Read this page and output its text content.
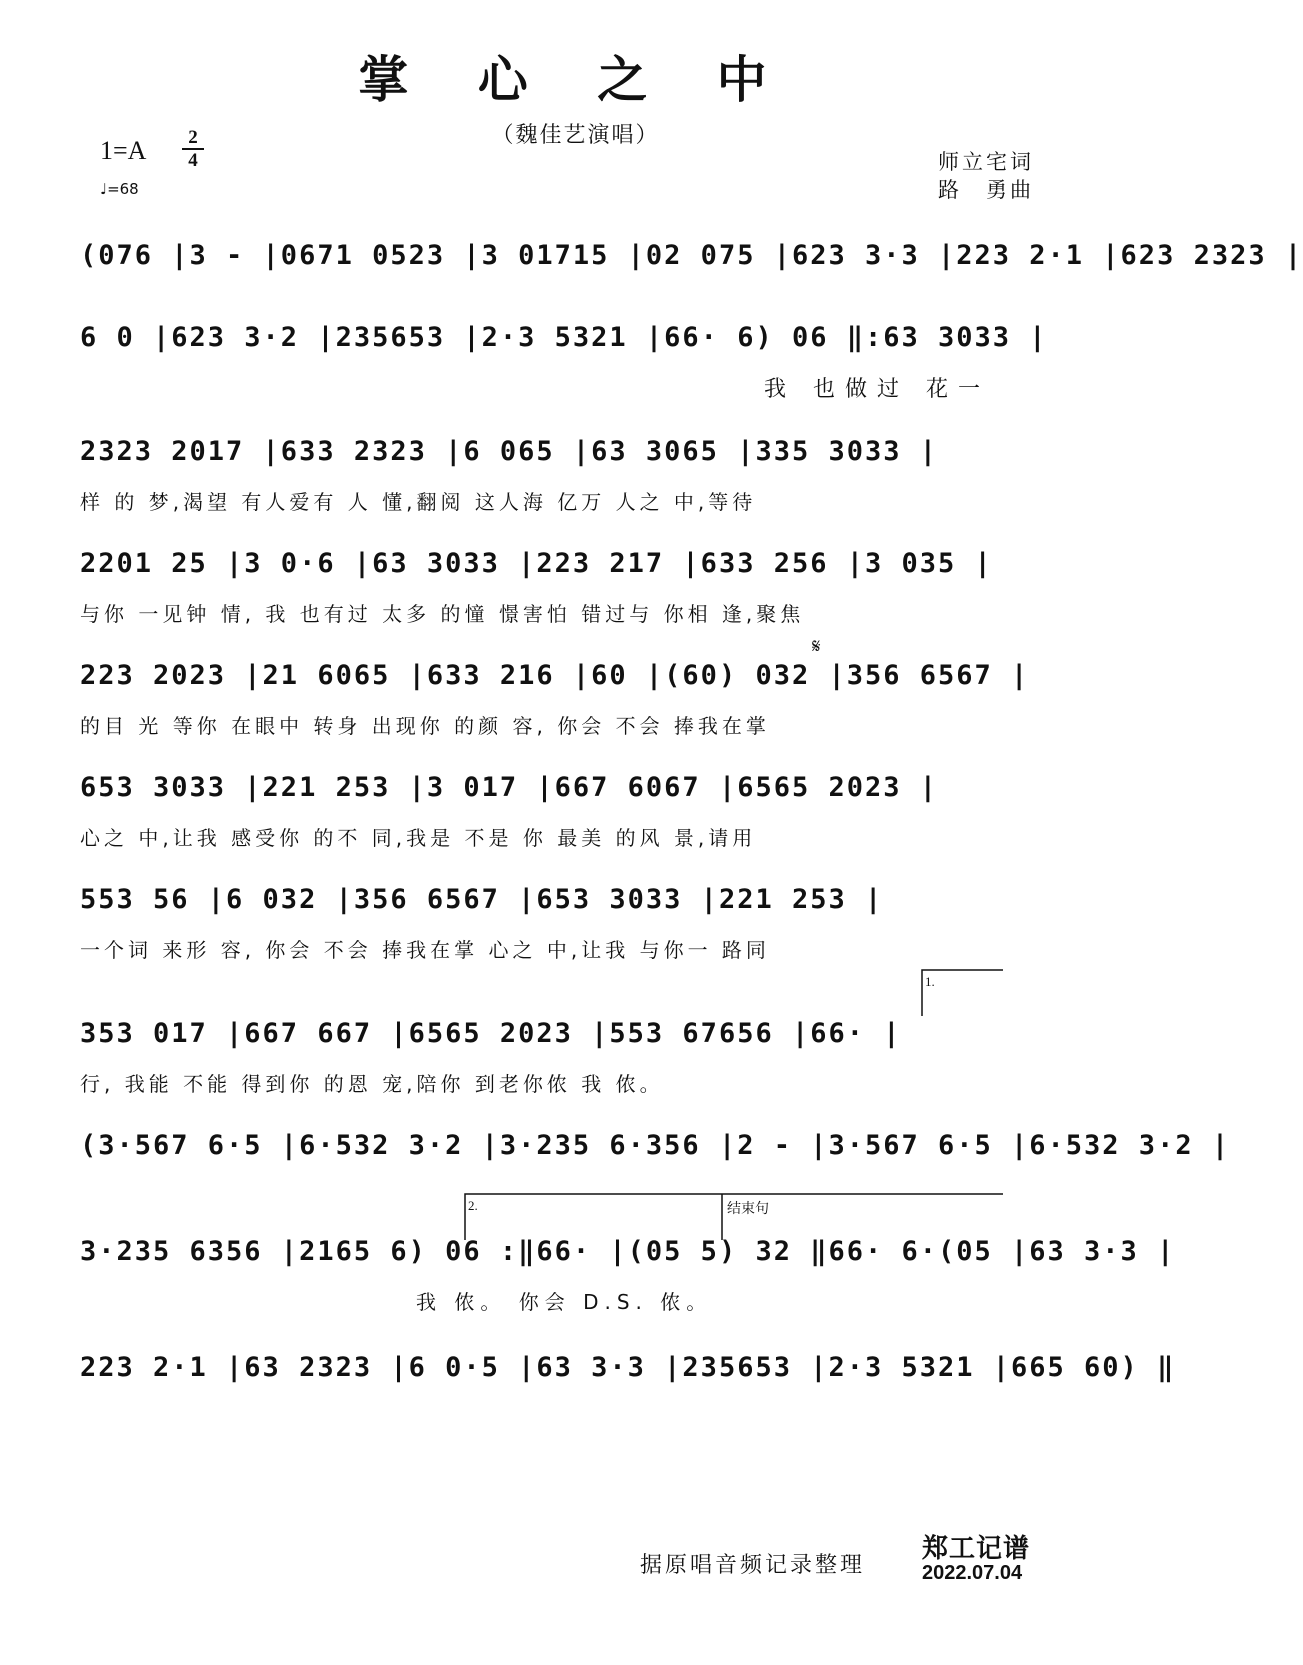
掌 心 之 中
（魏佳艺演唱）
1=A	2
4
♩=68
师立宅词
路　勇曲
(076 |3 - |0671 0523 |3 01715 |02 075 |623 3·3 |223 2·1 |623 2323 |
6 0 |623 3·2 |235653 |2·3 5321 |66· 6) 06 ‖:63 3033 |
我 也做过 花一
2323 2017 |633 2323 |6 065 |63 3065 |335 3033 |
样 的 梦,渴望 有人爱有 人 懂,翻阅 这人海 亿万 人之 中,等待
2201 25 |3 0·6 |63 3033 |223 217 |633 256 |3 035 |
与你 一见钟 情, 我 也有过 太多 的憧 憬害怕 错过与 你相 逢,聚焦
223 2023 |21 6065 |633 216 |60 |(60) 032 |356 6567 |
的目 光 等你 在眼中 转身 出现你 的颜 容, 你会 不会 捧我在掌
653 3033 |221 253 |3 017 |667 6067 |6565 2023 |
心之 中,让我 感受你 的不 同,我是 不是 你 最美 的风 景,请用
553 56 |6 032 |356 6567 |653 3033 |221 253 |
一个词 来形 容, 你会 不会 捧我在掌 心之 中,让我 与你一 路同
353 017 |667 667 |6565 2023 |553 67656 |66· |
行, 我能 不能 得到你 的恩 宠,陪你 到老你侬 我 侬。
1.
(3·567 6·5 |6·532 3·2 |3·235 6·356 |2 - |3·567 6·5 |6·532 3·2 |
3·235 6356 |2165 6) 06 :‖66· |(05 5) 32 ‖66· 6·(05 |63 3·3 |
我 侬。 你会 D.S. 侬。
2.	结束句
223 2·1 |63 2323 |6 0·5 |63 3·3 |235653 |2·3 5321 |665 60) ‖
𝄋
据原唱音频记录整理
郑工记谱
2022.07.04
